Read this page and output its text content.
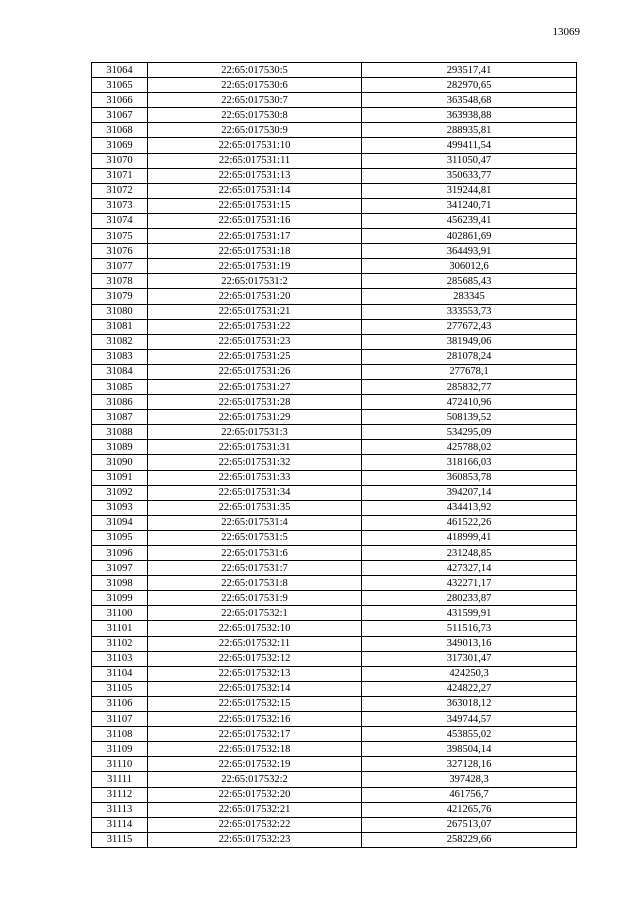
13069
31064	22:65:017530:5	293517,41
31065	22:65:017530:6	282970,65
31066	22:65:017530:7	363548,68
31067	22:65:017530:8	363938,88
31068	22:65:017530:9	288935,81
31069	22:65:017531:10	499411,54
31070	22:65:017531:11	311050,47
31071	22:65:017531:13	350633,77
31072	22:65:017531:14	319244,81
31073	22:65:017531:15	341240,71
31074	22:65:017531:16	456239,41
31075	22:65:017531:17	402861,69
31076	22:65:017531:18	364493,91
31077	22:65:017531:19	306012,6
31078	22:65:017531:2	285685,43
31079	22:65:017531:20	283345
31080	22:65:017531:21	333553,73
31081	22:65:017531:22	277672,43
31082	22:65:017531:23	381949,06
31083	22:65:017531:25	281078,24
31084	22:65:017531:26	277678,1
31085	22:65:017531:27	285832,77
31086	22:65:017531:28	472410,96
31087	22:65:017531:29	508139,52
31088	22:65:017531:3	534295,09
31089	22:65:017531:31	425788,02
31090	22:65:017531:32	318166,03
31091	22:65:017531:33	360853,78
31092	22:65:017531:34	394207,14
31093	22:65:017531:35	434413,92
31094	22:65:017531:4	461522,26
31095	22:65:017531:5	418999,41
31096	22:65:017531:6	231248,85
31097	22:65:017531:7	427327,14
31098	22:65:017531:8	432271,17
31099	22:65:017531:9	280233,87
31100	22:65:017532:1	431599,91
31101	22:65:017532:10	511516,73
31102	22:65:017532:11	349013,16
31103	22:65:017532:12	317301,47
31104	22:65:017532:13	424250,3
31105	22:65:017532:14	424822,27
31106	22:65:017532:15	363018,12
31107	22:65:017532:16	349744,57
31108	22:65:017532:17	453855,02
31109	22:65:017532:18	398504,14
31110	22:65:017532:19	327128,16
31111	22:65:017532:2	397428,3
31112	22:65:017532:20	461756,7
31113	22:65:017532:21	421265,76
31114	22:65:017532:22	267513,07
31115	22:65:017532:23	258229,66
